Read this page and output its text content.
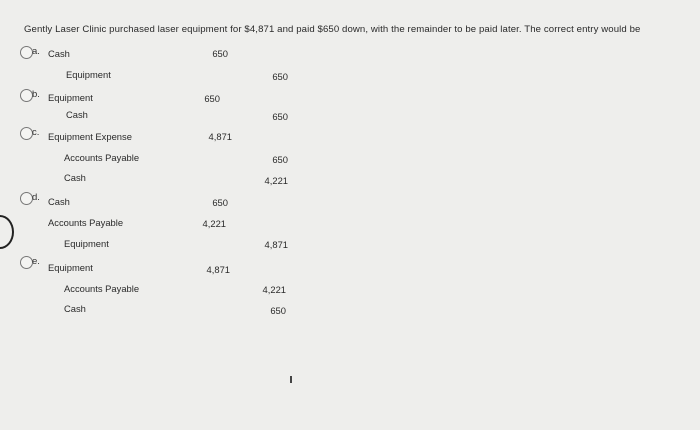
Gently Laser Clinic purchased laser equipment for $4,871 and paid $650 down, with the remainder to be paid later. The correct entry would be
a. Cash	650
Equipment	650
b. Equipment	650
Cash	650
c. Equipment Expense	4,871
Accounts Payable	650
Cash	4,221
d. Cash	650
Accounts Payable	4,221
Equipment	4,871
e.
Equipment	4,871
Accounts Payable	4,221
Cash	650
